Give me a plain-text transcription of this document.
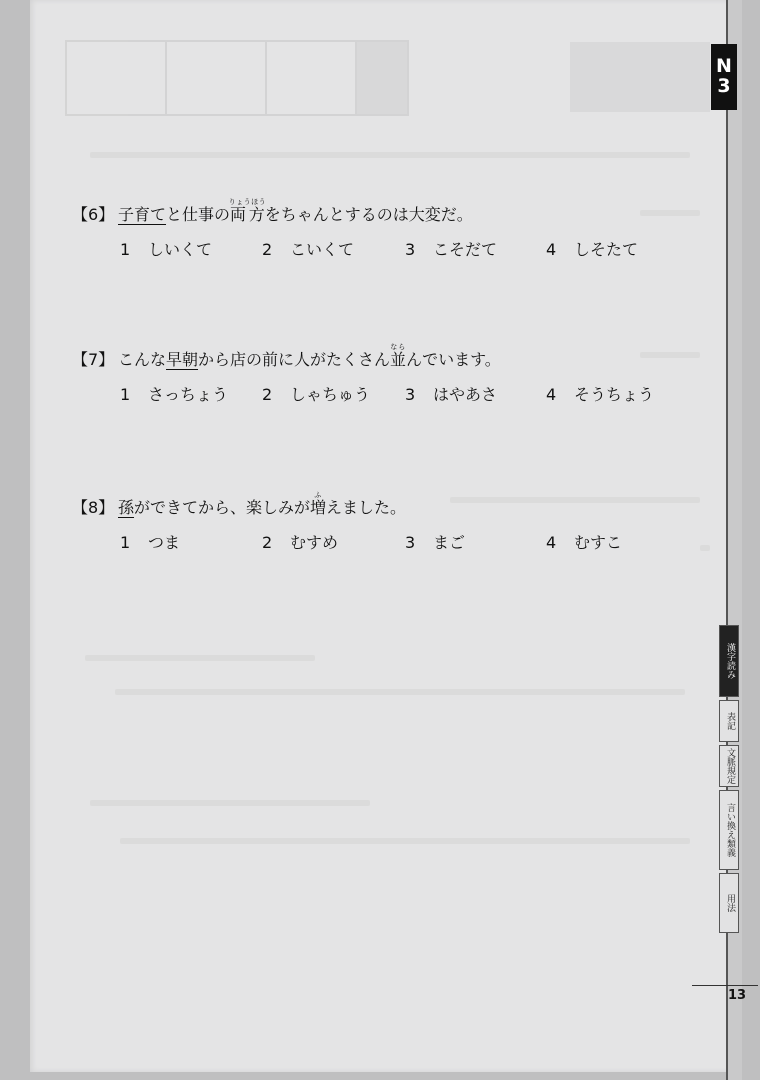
N
3
漢字読み
表記
文脈規定
言い換え類義
用法
13
【6】 子育てと仕事の両方りょうほうをちゃんとするのは大変だ。
1 しいくて	2 こいくて	3 こそだて	4 しそたて
【7】 こんな早朝から店の前に人がたくさん並ならんでいます。
1 さっちょう 2 しゃちゅう 3 はやあさ	4 そうちょう
【8】 孫ができてから、楽しみが増ふえました。
1 つま	2 むすめ	3 まご	4 むすこ
